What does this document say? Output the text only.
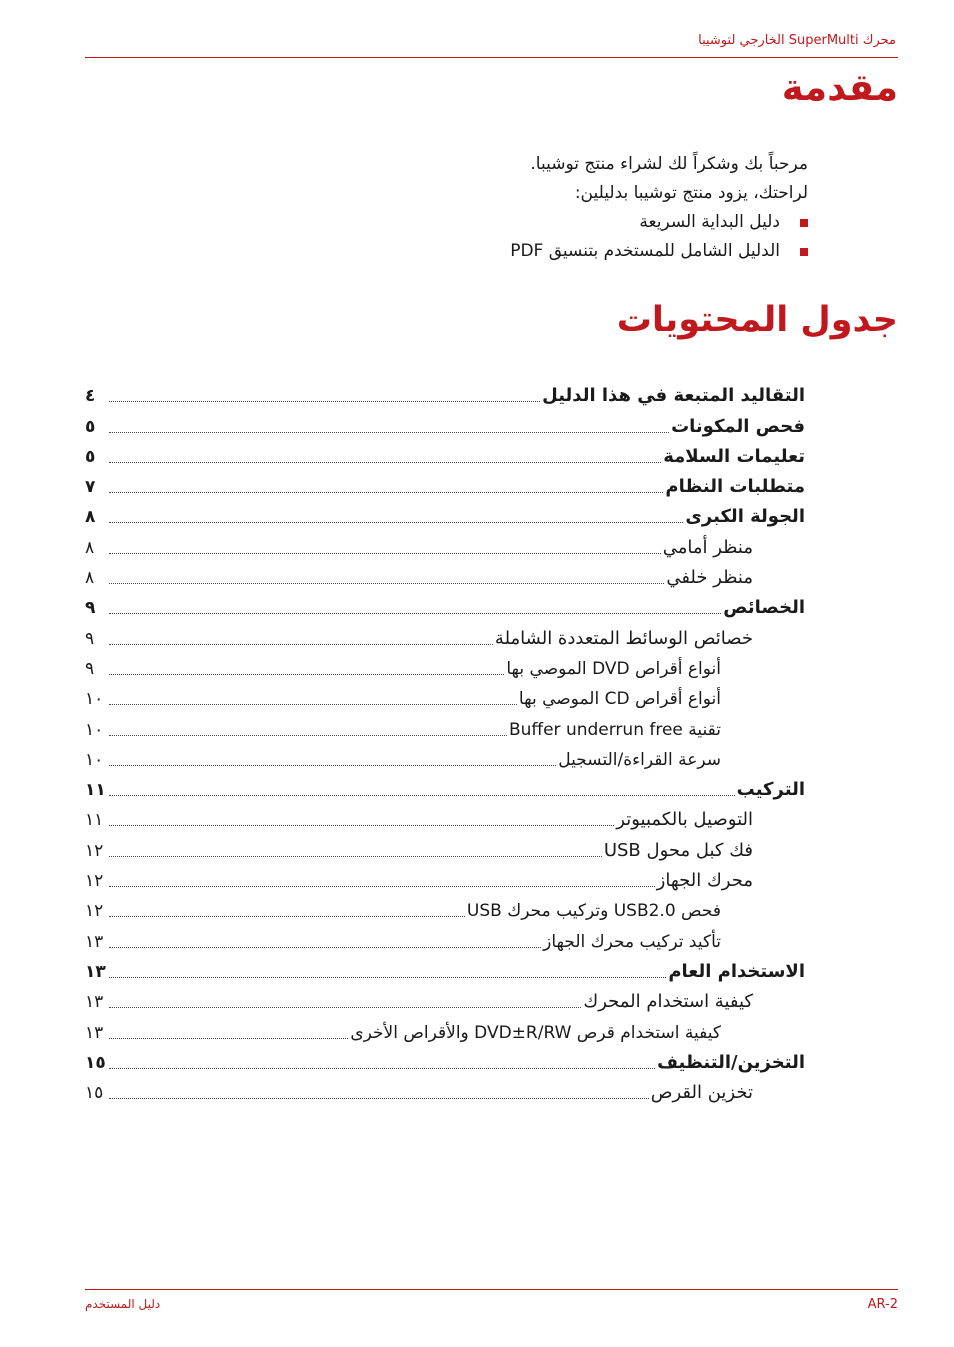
محرك SuperMulti الخارجي لتوشيبا
مقدمة

مرحباً بك وشكراً لك لشراء منتج توشيبا.

لراحتك، يزود منتج توشيبا بدليلين:

دليل البداية السريعة
الدليل الشامل للمستخدم بتنسيق PDF
جدول المحتويات
التقاليد المتبعة في هذا الدليل
٤
فحص المكونات
٥
تعليمات السلامة
٥
متطلبات النظام
٧
الجولة الكبرى
٨
منظر أمامي
٨
منظر خلفي
٨
الخصائص
٩
خصائص الوسائط المتعددة الشاملة
٩
أنواع أقراص DVD الموصي بها
٩
أنواع أقراص CD الموصي بها
١٠
تقنية Buffer underrun free
١٠
سرعة القراءة/التسجيل
١٠
التركيب
١١
التوصيل بالكمبيوتر
١١
فك كبل محول USB
١٢
محرك الجهاز
١٢
فحص USB2.0 وتركيب محرك USB
١٢
تأكيد تركيب محرك الجهاز
١٣
الاستخدام العام
١٣
كيفية استخدام المحرك
١٣
كيفية استخدام قرص DVD±R/RW والأقراص الأخرى
١٣
التخزين/التنظيف
١٥
تخزين القرص
١٥
دليل المستخدم	AR-2
